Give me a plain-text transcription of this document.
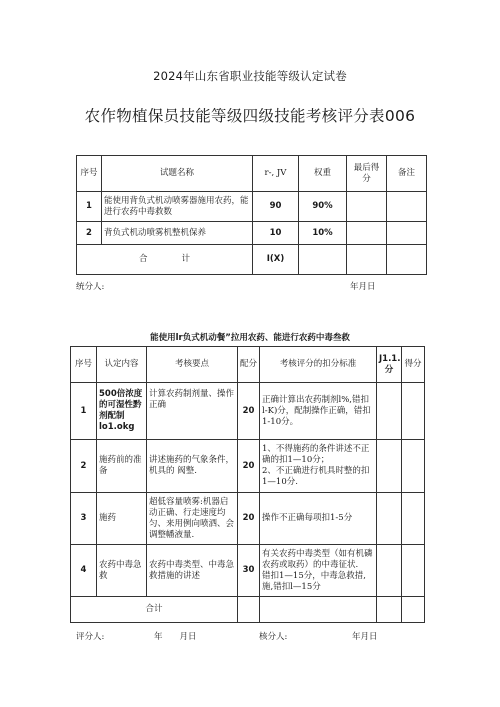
2024年山东省职业技能等级认定试卷
农作物植保员技能等级四级技能考核评分表006
序号	试题名称	r-, JV	权重	最后得分	备注
1	能使用背负式机动喷雾器施用农药，能进行农药中毒救数	90	90%		
2	背负式机动喷雾机整机保养	10	10%		
合　　　　计		I(X)			
统分人:	年月日
能使用lr负式机动餐”拉用农药、能进行农药中毒叁救
序号	认定内容	考核要点	配分	考核评分的扣分标准	J1.1.分	得分
1	500倍浓度的可湿性黔剂配制lo1.okg	计算农药制剂量、操作正确	20	正确计算出农药制剂l%,错扣l-K)分，配制操作正确，错扣1-10分。		
2	施药前的准备	讲述施药的气象条件，机具的 阀整.	20	1、不得施药的条件讲述不正确的扣1—10分；
2、不正确进行机具时整的扣1—10分.		
3	施药	超低容量喷雾:机器启动正确、行走速度均匀、来用例向喷洒、会调整幡液量.	20	操作不正确每项扣1-5分		
4	农药中毒急救	农药中毒类型、中毒急救措施的讲述	30	有关农药中毒类型（如有机磷农药或取药）的中毒征状.
错扣1—15分，中毒急救措,施,错扣l—15分		
合计						
评分人:	年　　月日	核分人:	年月日
